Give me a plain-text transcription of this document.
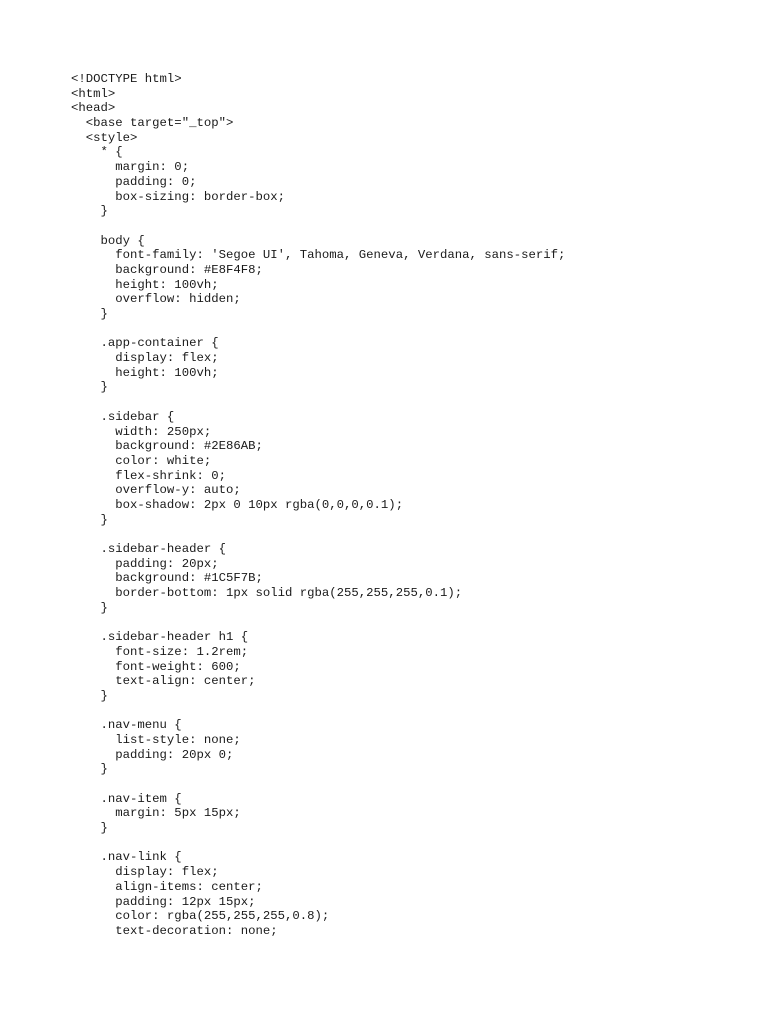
<!DOCTYPE html>
<html>
<head>
<base target="_top">
<style>
* {
margin: 0;
padding: 0;
box-sizing: border-box;
}
body {
font-family: 'Segoe UI', Tahoma, Geneva, Verdana, sans-serif;
background: #E8F4F8;
height: 100vh;
overflow: hidden;
}
.app-container {
display: flex;
height: 100vh;
}
.sidebar {
width: 250px;
background: #2E86AB;
color: white;
flex-shrink: 0;
overflow-y: auto;
box-shadow: 2px 0 10px rgba(0,0,0,0.1);
}
.sidebar-header {
padding: 20px;
background: #1C5F7B;
border-bottom: 1px solid rgba(255,255,255,0.1);
}
.sidebar-header h1 {
font-size: 1.2rem;
font-weight: 600;
text-align: center;
}
.nav-menu {
list-style: none;
padding: 20px 0;
}
.nav-item {
margin: 5px 15px;
}
.nav-link {
display: flex;
align-items: center;
padding: 12px 15px;
color: rgba(255,255,255,0.8);
text-decoration: none;
